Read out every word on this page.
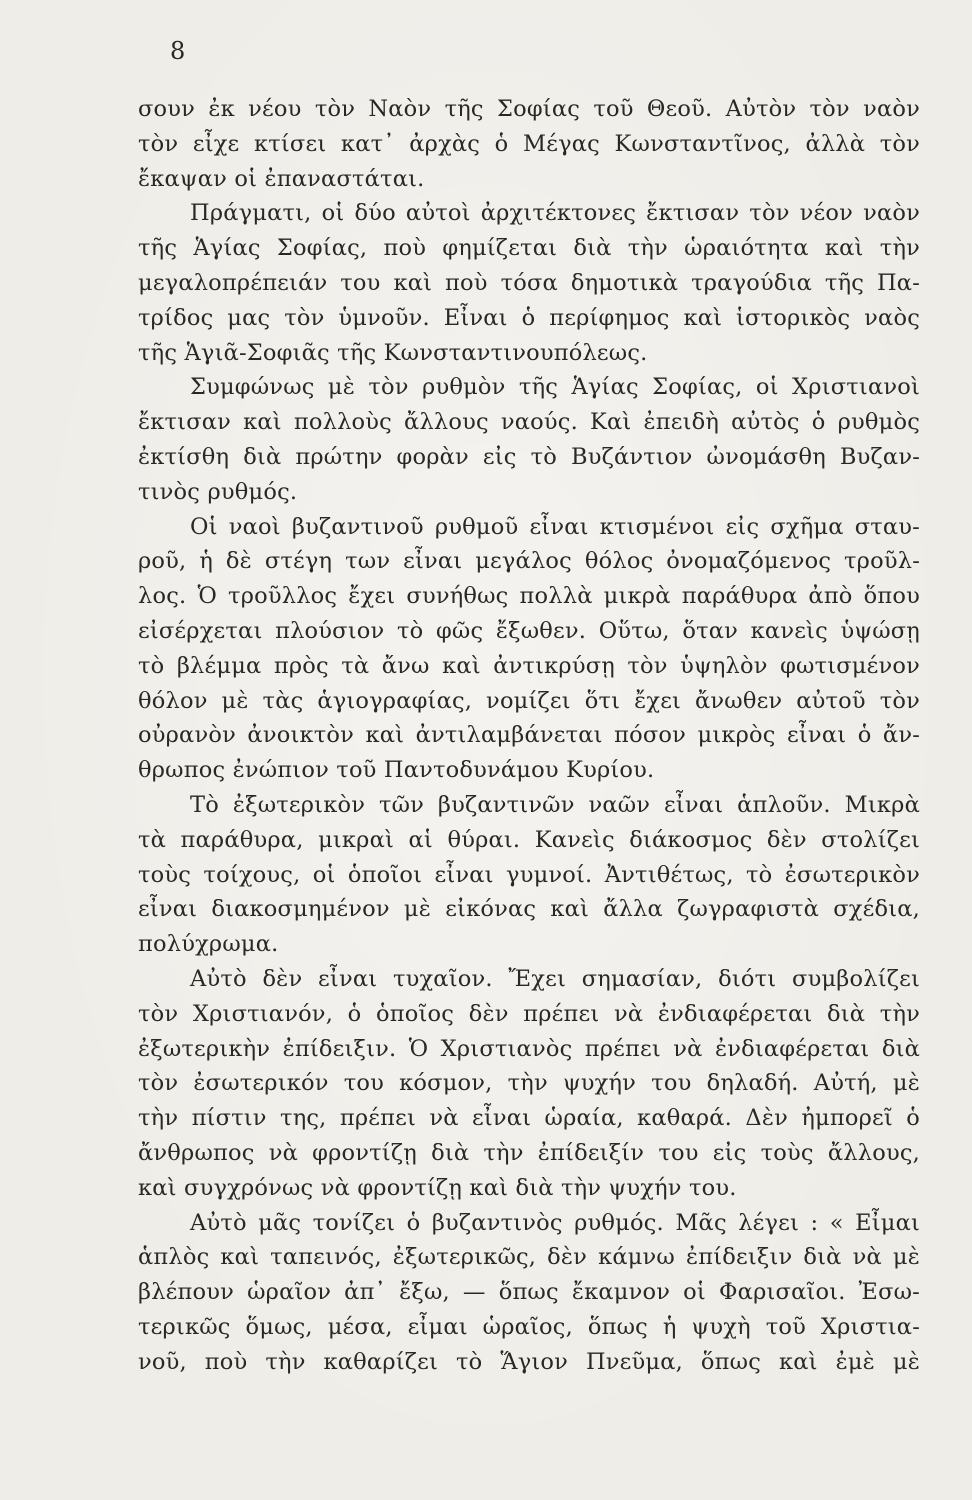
8
σουν ἐκ νέου τὸν Ναὸν τῆς Σοφίας τοῦ Θεοῦ. Αὐτὸν τὸν ναὸν
τὸν εἶχε κτίσει κατ᾽ ἀρχὰς ὁ Μέγας Κωνσταντῖνος, ἀλλὰ τὸν
ἔκαψαν οἱ ἐπαναστάται.
Πράγματι, οἱ δύο αὐτοὶ ἀρχιτέκτονες ἔκτισαν τὸν νέον ναὸν
τῆς Ἁγίας Σοφίας, ποὺ φημίζεται διὰ τὴν ὡραιότητα καὶ τὴν
μεγαλοπρέπειάν του καὶ ποὺ τόσα δημοτικὰ τραγούδια τῆς Πα-
τρίδος μας τὸν ὑμνοῦν. Εἶναι ὁ περίφημος καὶ ἱστορικὸς ναὸς
τῆς Ἁγιᾶ-Σοφιᾶς τῆς Κωνσταντινουπόλεως.
Συμφώνως μὲ τὸν ρυθμὸν τῆς Ἁγίας Σοφίας, οἱ Χριστιανοὶ
ἔκτισαν καὶ πολλοὺς ἄλλους ναούς. Καὶ ἐπειδὴ αὐτὸς ὁ ρυθμὸς
ἐκτίσθη διὰ πρώτην φορὰν εἰς τὸ Βυζάντιον ὠνομάσθη Βυζαν-
τινὸς ρυθμός.
Οἱ ναοὶ βυζαντινοῦ ρυθμοῦ εἶναι κτισμένοι εἰς σχῆμα σταυ-
ροῦ, ἡ δὲ στέγη των εἶναι μεγάλος θόλος ὀνομαζόμενος τροῦλ-
λος. Ὁ τροῦλλος ἔχει συνήθως πολλὰ μικρὰ παράθυρα ἀπὸ ὅπου
εἰσέρχεται πλούσιον τὸ φῶς ἔξωθεν. Οὕτω, ὅταν κανεὶς ὑψώσῃ
τὸ βλέμμα πρὸς τὰ ἄνω καὶ ἀντικρύσῃ τὸν ὑψηλὸν φωτισμένον
θόλον μὲ τὰς ἁγιογραφίας, νομίζει ὅτι ἔχει ἄνωθεν αὐτοῦ τὸν
οὐρανὸν ἀνοικτὸν καὶ ἀντιλαμβάνεται πόσον μικρὸς εἶναι ὁ ἄν-
θρωπος ἐνώπιον τοῦ Παντοδυνάμου Κυρίου.
Τὸ ἐξωτερικὸν τῶν βυζαντινῶν ναῶν εἶναι ἁπλοῦν. Μικρὰ
τὰ παράθυρα, μικραὶ αἱ θύραι. Κανεὶς διάκοσμος δὲν στολίζει
τοὺς τοίχους, οἱ ὁποῖοι εἶναι γυμνοί. Ἀντιθέτως, τὸ ἐσωτερικὸν
εἶναι διακοσμημένον μὲ εἰκόνας καὶ ἄλλα ζωγραφιστὰ σχέδια,
πολύχρωμα.
Αὐτὸ δὲν εἶναι τυχαῖον. Ἔχει σημασίαν, διότι συμβολίζει
τὸν Χριστιανόν, ὁ ὁποῖος δὲν πρέπει νὰ ἐνδιαφέρεται διὰ τὴν
ἐξωτερικὴν ἐπίδειξιν. Ὁ Χριστιανὸς πρέπει νὰ ἐνδιαφέρεται διὰ
τὸν ἐσωτερικόν του κόσμον, τὴν ψυχήν του δηλαδή. Αὐτή, μὲ
τὴν πίστιν της, πρέπει νὰ εἶναι ὡραία, καθαρά. Δὲν ἠμπορεῖ ὁ
ἄνθρωπος νὰ φροντίζῃ διὰ τὴν ἐπίδειξίν του εἰς τοὺς ἄλλους,
καὶ συγχρόνως νὰ φροντίζῃ καὶ διὰ τὴν ψυχήν του.
Αὐτὸ μᾶς τονίζει ὁ βυζαντινὸς ρυθμός. Μᾶς λέγει : « Εἶμαι
ἁπλὸς καὶ ταπεινός, ἐξωτερικῶς, δὲν κάμνω ἐπίδειξιν διὰ νὰ μὲ
βλέπουν ὡραῖον ἀπ᾽ ἔξω, — ὅπως ἔκαμνον οἱ Φαρισαῖοι. Ἐσω-
τερικῶς ὅμως, μέσα, εἶμαι ὡραῖος, ὅπως ἡ ψυχὴ τοῦ Χριστια-
νοῦ, ποὺ τὴν καθαρίζει τὸ Ἅγιον Πνεῦμα, ὅπως καὶ ἐμὲ μὲ
